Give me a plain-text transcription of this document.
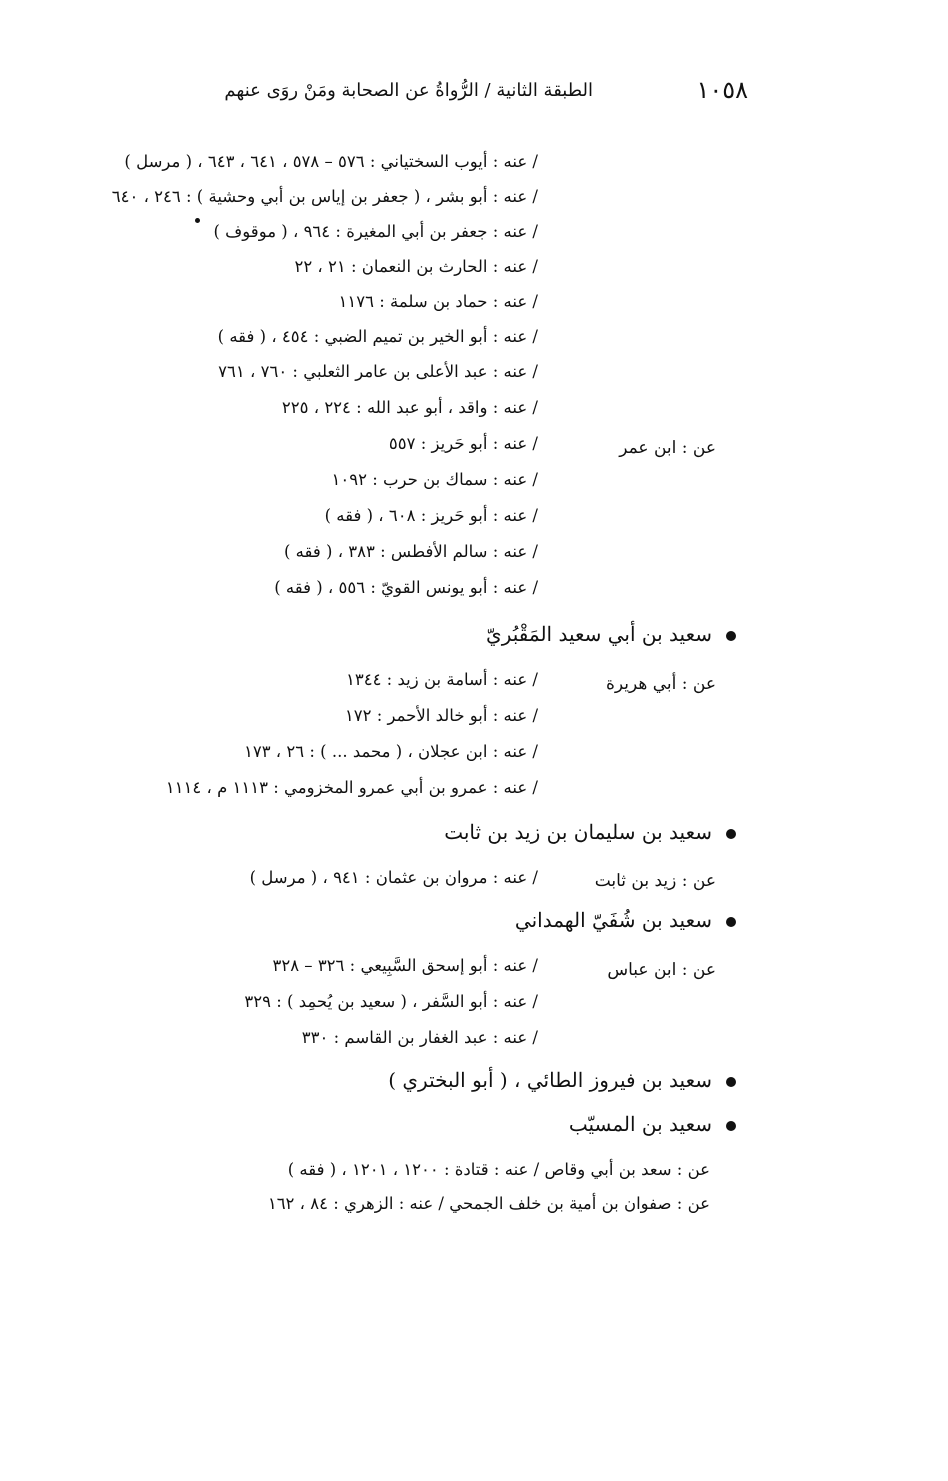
١٠٥٨
الطبقة الثانية / الرُّواةُ عن الصحابة ومَنْ روَى عنهم
/ عنه : أيوب السختياني : ٥٧٦ – ٥٧٨ ، ٦٤١ ، ٦٤٣ ، ( مرسل )
/ عنه : أبو بشر ، ( جعفر بن إياس بن أبي وحشية ) : ٢٤٦ ، ٦٤٠
/ عنه : جعفر بن أبي المغيرة : ٩٦٤ ، ( موقوف )
/ عنه : الحارث بن النعمان : ٢١ ، ٢٢
/ عنه : حماد بن سلمة : ١١٧٦
/ عنه : أبو الخير بن تميم الضبي : ٤٥٤ ، ( فقه )
/ عنه : عبد الأعلى بن عامر الثعلبي : ٧٦٠ ، ٧٦١
/ عنه : واقد ، أبو عبد الله : ٢٢٤ ، ٢٢٥
/ عنه : أبو حَريز : ٥٥٧
/ عنه : سماك بن حرب : ١٠٩٢
/ عنه : أبو حَريز : ٦٠٨ ، ( فقه )
/ عنه : سالم الأفطس : ٣٨٣ ، ( فقه )
/ عنه : أبو يونس القويّ : ٥٥٦ ، ( فقه )
عن : ابن عمر
سعيد بن أبي سعيد المَقْبُريّ
عن : أبي هريرة
/ عنه : أسامة بن زيد : ١٣٤٤
/ عنه : أبو خالد الأحمر : ١٧٢
/ عنه : ابن عجلان ، ( محمد ... ) : ٢٦ ، ١٧٣
/ عنه : عمرو بن أبي عمرو المخزومي : ١١١٣ م ، ١١١٤
سعيد بن سليمان بن زيد بن ثابت
عن : زيد بن ثابت
/ عنه : مروان بن عثمان : ٩٤١ ، ( مرسل )
سعيد بن شُفَيّ الهمداني
عن : ابن عباس
/ عنه : أبو إسحق السَّبِيعي : ٣٢٦ – ٣٢٨
/ عنه : أبو السَّفر ، ( سعيد بن يُحمِد ) : ٣٢٩
/ عنه : عبد الغفار بن القاسم : ٣٣٠
سعيد بن فيروز الطائي ، ( أبو البختري )
سعيد بن المسيّب
عن : سعد بن أبي وقاص / عنه : قتادة : ١٢٠٠ ، ١٢٠١ ، ( فقه )
عن : صفوان بن أمية بن خلف الجمحي / عنه : الزهري : ٨٤ ، ١٦٢
